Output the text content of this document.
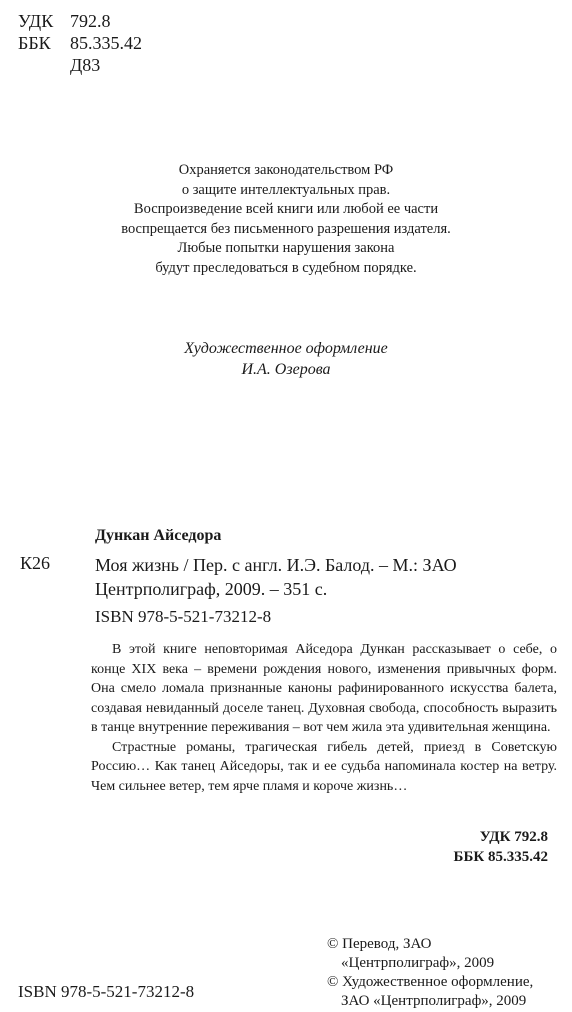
УДК 792.8
ББК	85.335.42
Д83
Охраняется законодательством РФ
о защите интеллектуальных прав.
Воспроизведение всей книги или любой ее части
воспрещается без письменного разрешения издателя.
Любые попытки нарушения закона
будут преследоваться в судебном порядке.
Художественное оформление
И.А. Озерова
Дункан Айседора
К26 Моя жизнь / Пер. с англ. И.Э. Балод. – М.: ЗАО
Центрполиграф, 2009. – 351 с.
ISBN 978-5-521-73212-8

В этой книге неповторимая Айседора Дункан рассказывает о себе, о конце XIX века – времени рождения нового, изменения привычных форм. Она смело ломала признанные каноны рафинированного искусства балета, создавая невиданный доселе танец. Духовная свобода, способность выразить в танце внутренние переживания – вот чем жила эта удивительная женщина.

Страстные романы, трагическая гибель детей, приезд в Советскую Россию… Как танец Айседоры, так и ее судьба напоминала костер на ветру. Чем сильнее ветер, тем ярче пламя и короче жизнь…

УДК 792.8
ББК 85.335.42
© Перевод, ЗАО
«Центрполиграф», 2009
© Художественное оформление,
ЗАО «Центрполиграф», 2009
ISBN 978-5-521-73212-8
